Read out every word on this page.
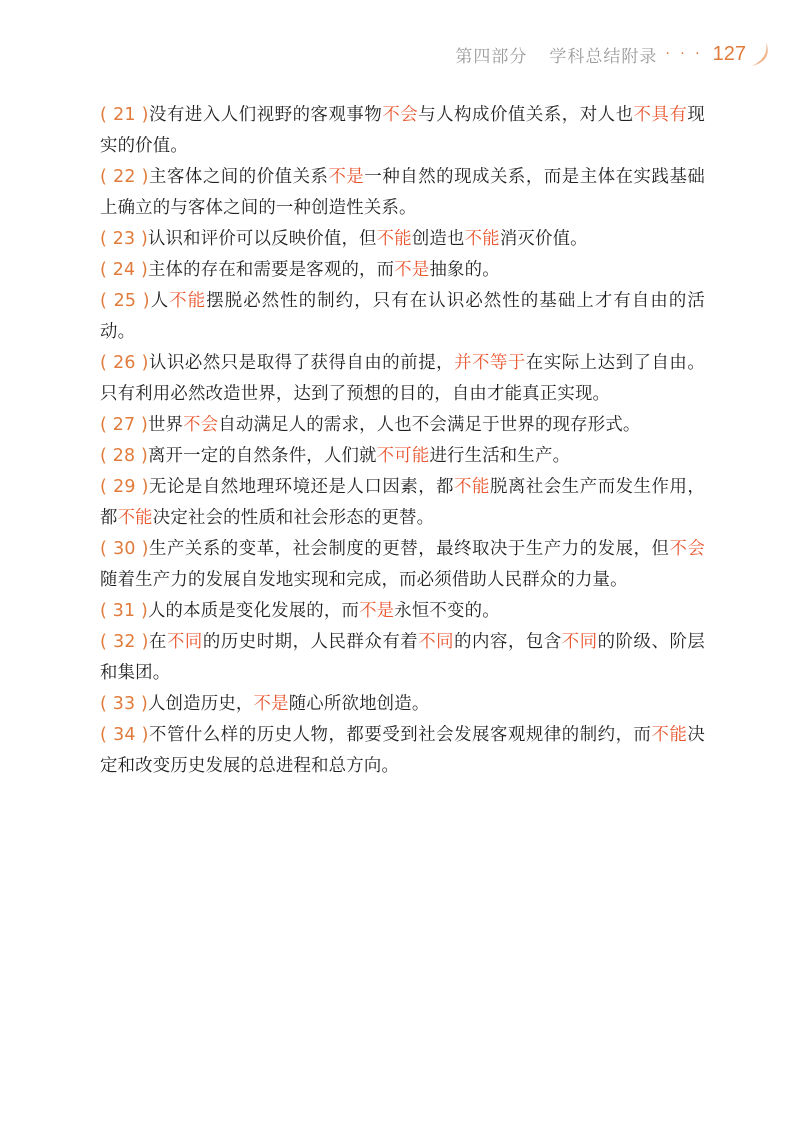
第四部分 学科总结附录 · · · 127
( 21 )没有进入人们视野的客观事物不会与人构成价值关系，对人也不具有现实的价值。
( 22 )主客体之间的价值关系不是一种自然的现成关系，而是主体在实践基础上确立的与客体之间的一种创造性关系。
( 23 )认识和评价可以反映价值，但不能创造也不能消灭价值。
( 24 )主体的存在和需要是客观的，而不是抽象的。
( 25 )人不能摆脱必然性的制约，只有在认识必然性的基础上才有自由的活动。
( 26 )认识必然只是取得了获得自由的前提，并不等于在实际上达到了自由。只有利用必然改造世界，达到了预想的目的，自由才能真正实现。
( 27 )世界不会自动满足人的需求，人也不会满足于世界的现存形式。
( 28 )离开一定的自然条件，人们就不可能进行生活和生产。
( 29 )无论是自然地理环境还是人口因素，都不能脱离社会生产而发生作用，都不能决定社会的性质和社会形态的更替。
( 30 )生产关系的变革，社会制度的更替，最终取决于生产力的发展，但不会随着生产力的发展自发地实现和完成，而必须借助人民群众的力量。
( 31 )人的本质是变化发展的，而不是永恒不变的。
( 32 )在不同的历史时期，人民群众有着不同的内容，包含不同的阶级、阶层和集团。
( 33 )人创造历史，不是随心所欲地创造。
( 34 )不管什么样的历史人物，都要受到社会发展客观规律的制约，而不能决定和改变历史发展的总进程和总方向。
